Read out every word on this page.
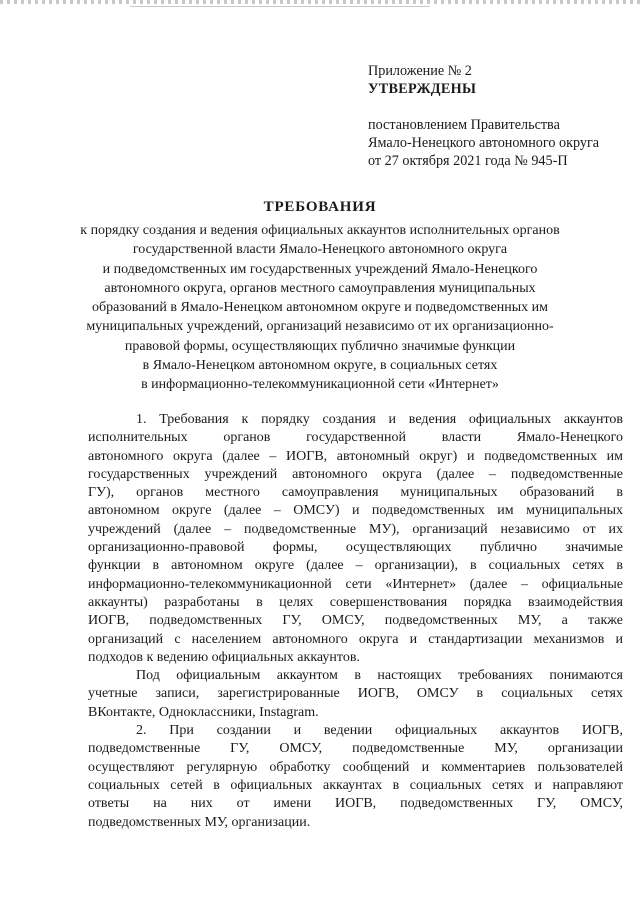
Приложение № 2
УТВЕРЖДЕНЫ
постановлением Правительства
Ямало-Ненецкого автономного округа
от 27 октября 2021 года № 945-П
ТРЕБОВАНИЯ
к порядку создания и ведения официальных аккаунтов исполнительных органов
государственной власти Ямало-Ненецкого автономного округа
и подведомственных им государственных учреждений Ямало-Ненецкого
автономного округа, органов местного самоуправления муниципальных
образований в Ямало-Ненецком автономном округе и подведомственных им
муниципальных учреждений, организаций независимо от их организационно-
правовой формы, осуществляющих публично значимые функции
в Ямало-Ненецком автономном округе, в социальных сетях
в информационно-телекоммуникационной сети «Интернет»
1. Требования к порядку создания и ведения официальных аккаунтов
исполнительных органов государственной власти Ямало-Ненецкого
автономного округа (далее – ИОГВ, автономный округ) и подведомственных им
государственных учреждений автономного округа (далее – подведомственные
ГУ), органов местного самоуправления муниципальных образований в
автономном округе (далее – ОМСУ) и подведомственных им муниципальных
учреждений (далее – подведомственные МУ), организаций независимо от их
организационно-правовой формы, осуществляющих публично значимые
функции в автономном округе (далее – организации), в социальных сетях в
информационно-телекоммуникационной сети «Интернет» (далее – официальные
аккаунты) разработаны в целях совершенствования порядка взаимодействия
ИОГВ, подведомственных ГУ, ОМСУ, подведомственных МУ, а также
организаций с населением автономного округа и стандартизации механизмов и
подходов к ведению официальных аккаунтов.
Под официальным аккаунтом в настоящих требованиях понимаются
учетные записи, зарегистрированные ИОГВ, ОМСУ в социальных сетях
ВКонтакте, Одноклассники, Instagram.
2. При создании и ведении официальных аккаунтов ИОГВ,
подведомственные ГУ, ОМСУ, подведомственные МУ, организации
осуществляют регулярную обработку сообщений и комментариев пользователей
социальных сетей в официальных аккаунтах в социальных сетях и направляют
ответы на них от имени ИОГВ, подведомственных ГУ, ОМСУ,
подведомственных МУ, организации.
